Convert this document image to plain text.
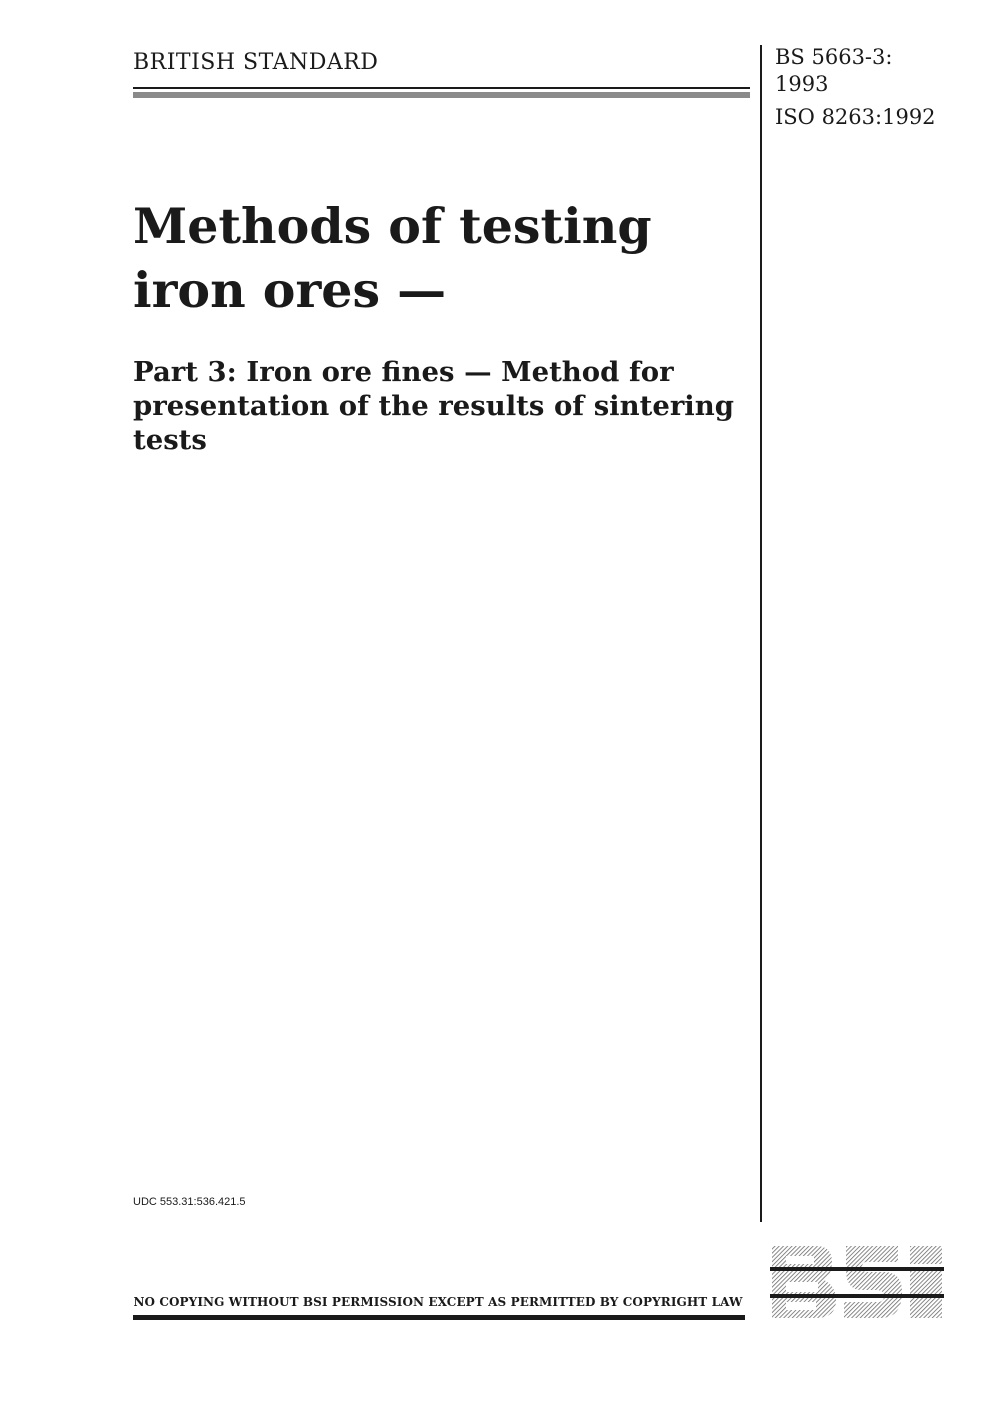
BRITISH STANDARD	BS 5663-3:
1993
ISO 8263:1992
Methods of testing iron ores —
Part 3: Iron ore fines — Method for presentation of the results of sintering tests
UDC 553.31:536.421.5
NO COPYING WITHOUT BSI PERMISSION EXCEPT AS PERMITTED BY COPYRIGHT LAW
